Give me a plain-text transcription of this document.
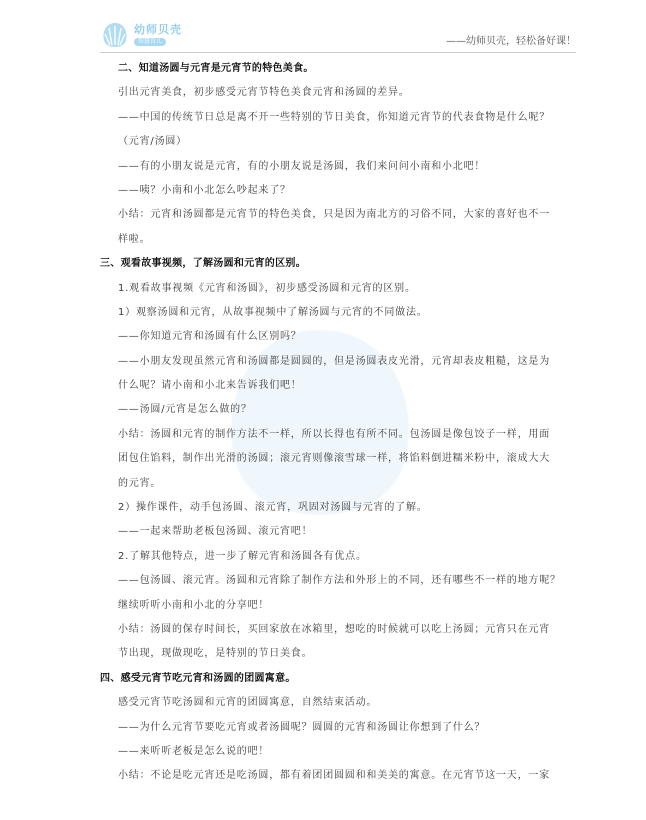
幼师贝壳
智慧育儿	——幼师贝壳，轻松备好课！
二、知道汤圆与元宵是元宵节的特色美食。
引出元宵美食，初步感受元宵节特色美食元宵和汤圆的差异。
——中国的传统节日总是离不开一些特别的节日美食，你知道元宵节的代表食物是什么呢？
（元宵/汤圆）
——有的小朋友说是元宵，有的小朋友说是汤圆，我们来问问小南和小北吧！
——咦？小南和小北怎么吵起来了？
小结：元宵和汤圆都是元宵节的特色美食，只是因为南北方的习俗不同，大家的喜好也不一
样啦。
三、观看故事视频，了解汤圆和元宵的区别。
1.观看故事视频《元宵和汤圆》，初步感受汤圆和元宵的区别。
1）观察汤圆和元宵，从故事视频中了解汤圆与元宵的不同做法。
——你知道元宵和汤圆有什么区别吗？
——小朋友发现虽然元宵和汤圆都是圆圆的，但是汤圆表皮光滑，元宵却表皮粗糙，这是为
什么呢？请小南和小北来告诉我们吧！
——汤圆/元宵是怎么做的？
小结：汤圆和元宵的制作方法不一样，所以长得也有所不同。包汤圆是像包饺子一样，用面
团包住馅料，制作出光滑的汤圆；滚元宵则像滚雪球一样，将馅料倒进糯米粉中，滚成大大
的元宵。
2）操作课件，动手包汤圆、滚元宵，巩固对汤圆与元宵的了解。
——一起来帮助老板包汤圆、滚元宵吧！
2.了解其他特点，进一步了解元宵和汤圆各有优点。
——包汤圆、滚元宵。汤圆和元宵除了制作方法和外形上的不同，还有哪些不一样的地方呢？
继续听听小南和小北的分享吧！
小结：汤圆的保存时间长，买回家放在冰箱里，想吃的时候就可以吃上汤圆；元宵只在元宵
节出现，现做现吃，是特别的节日美食。
四、感受元宵节吃元宵和汤圆的团圆寓意。
感受元宵节吃汤圆和元宵的团圆寓意，自然结束活动。
——为什么元宵节要吃元宵或者汤圆呢？圆圆的元宵和汤圆让你想到了什么？
——来听听老板是怎么说的吧！
小结：不论是吃元宵还是吃汤圆，都有着团团圆圆和和美美的寓意。在元宵节这一天，一家
